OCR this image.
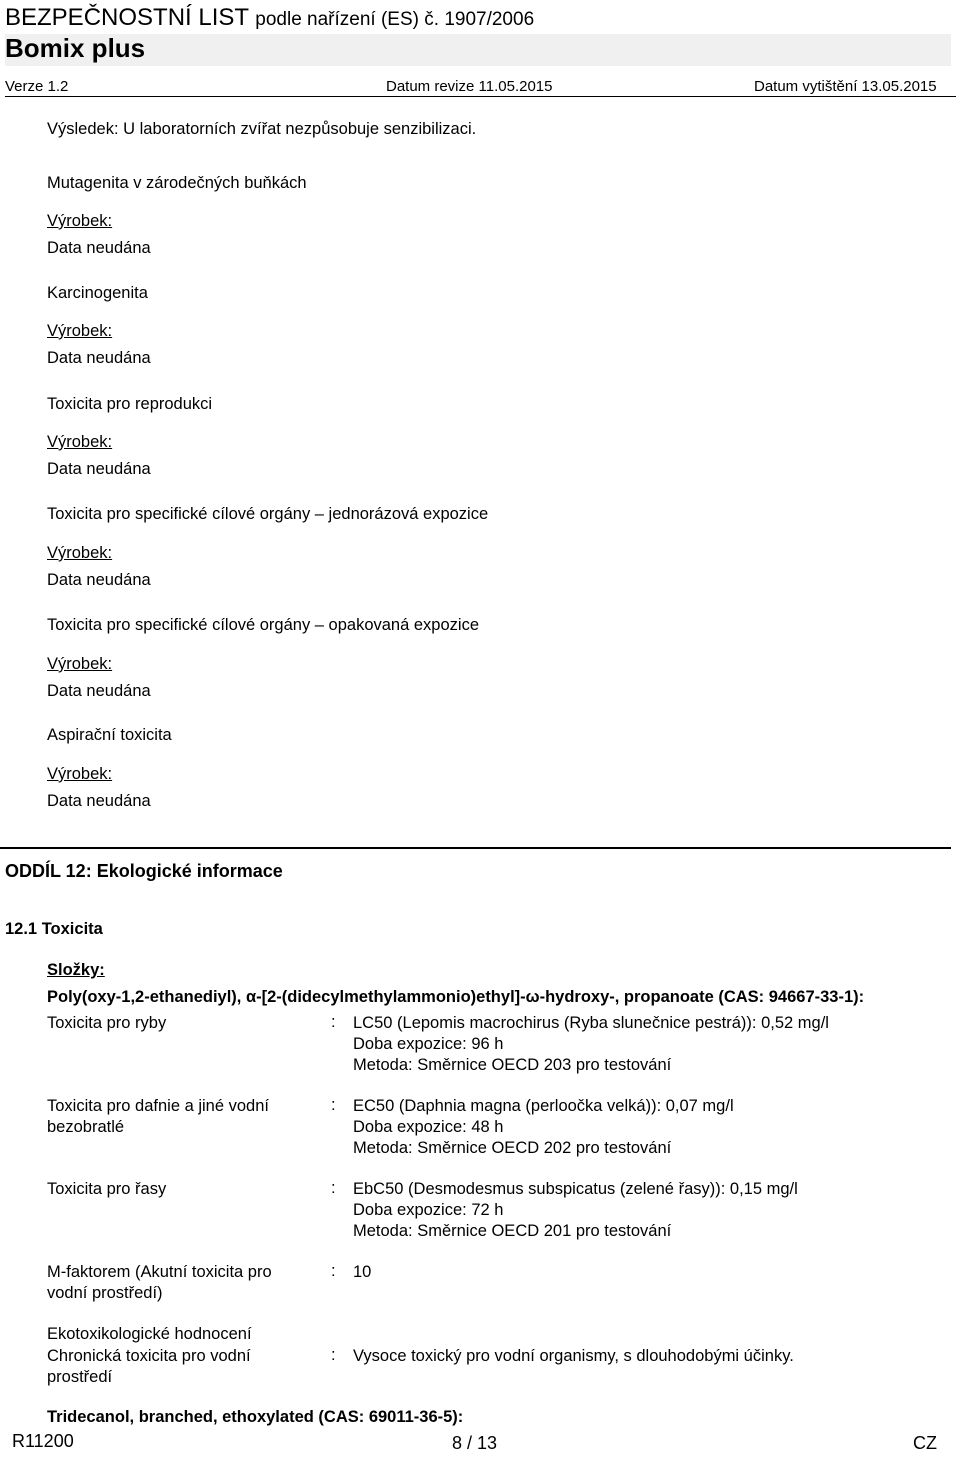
BEZPEČNOSTNÍ LIST podle nařízení (ES) č. 1907/2006
Bomix plus
Verze 1.2	Datum revize 11.05.2015	Datum vytištění 13.05.2015
Výsledek: U laboratorních zvířat nezpůsobuje senzibilizaci.
Mutagenita v zárodečných buňkách
Výrobek:
Data neudána
Karcinogenita
Výrobek:
Data neudána
Toxicita pro reprodukci
Výrobek:
Data neudána
Toxicita pro specifické cílové orgány – jednorázová expozice
Výrobek:
Data neudána
Toxicita pro specifické cílové orgány – opakovaná expozice
Výrobek:
Data neudána
Aspirační toxicita
Výrobek:
Data neudána
ODDÍL 12: Ekologické informace
12.1 Toxicita
Složky:
Poly(oxy-1,2-ethanediyl), α-[2-(didecylmethylammonio)ethyl]-ω-hydroxy-, propanoate (CAS: 94667-33-1):
Toxicita pro ryby	: LC50 (Lepomis macrochirus (Ryba slunečnice pestrá)): 0,52 mg/l
Doba expozice: 96 h
Metoda: Směrnice OECD 203 pro testování
Toxicita pro dafnie a jiné vodní bezobratlé
: EC50 (Daphnia magna (perloočka velká)): 0,07 mg/l
Doba expozice: 48 h
Metoda: Směrnice OECD 202 pro testování
Toxicita pro řasy	: EbC50 (Desmodesmus subspicatus (zelené řasy)): 0,15 mg/l
Doba expozice: 72 h
Metoda: Směrnice OECD 201 pro testování
M-faktorem (Akutní toxicita pro vodní prostředí)
: 10
Ekotoxikologické hodnocení
Chronická toxicita pro vodní prostředí
: Vysoce toxický pro vodní organismy, s dlouhodobými účinky.
Tridecanol, branched, ethoxylated (CAS: 69011-36-5):
R11200	8 / 13	CZ
